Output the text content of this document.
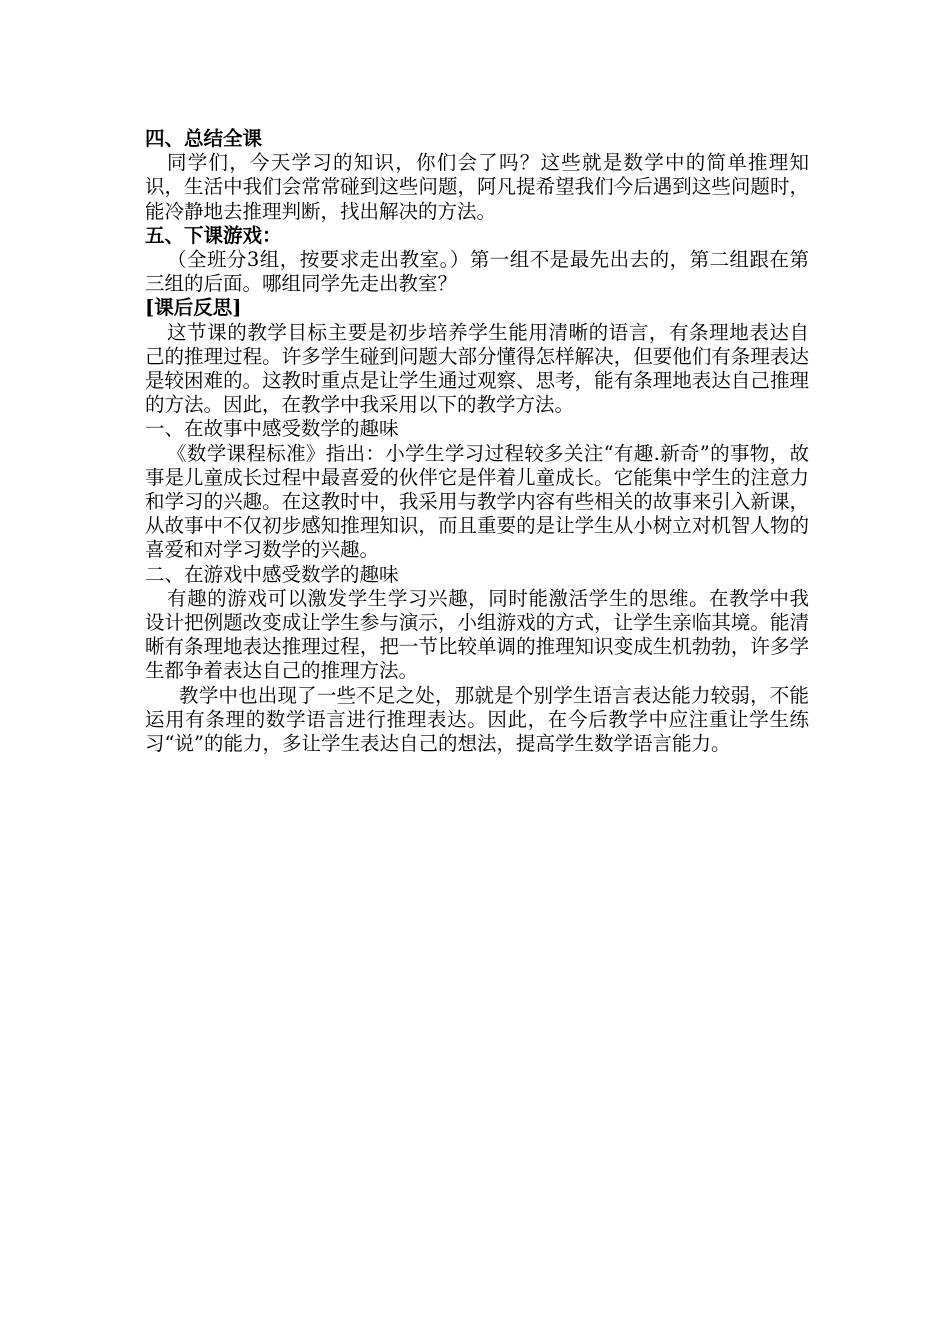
四、总结全课

同学们，今天学习的知识，你们会了吗？这些就是数学中的简单推理知识，生活中我们会常常碰到这些问题，阿凡提希望我们今后遇到这些问题时，能冷静地去推理判断，找出解决的方法。

五、下课游戏：

（全班分3组，按要求走出教室。）第一组不是最先出去的，第二组跟在第三组的后面。哪组同学先走出教室？

[课后反思]

这节课的教学目标主要是初步培养学生能用清晰的语言，有条理地表达自己的推理过程。许多学生碰到问题大部分懂得怎样解决，但要他们有条理表达是较困难的。这教时重点是让学生通过观察、思考，能有条理地表达自己推理的方法。因此，在教学中我采用以下的教学方法。

一、在故事中感受数学的趣味

《数学课程标准》指出：小学生学习过程较多关注“有趣.新奇”的事物，故事是儿童成长过程中最喜爱的伙伴它是伴着儿童成长。它能集中学生的注意力和学习的兴趣。在这教时中，我采用与教学内容有些相关的故事来引入新课，从故事中不仅初步感知推理知识，而且重要的是让学生从小树立对机智人物的喜爱和对学习数学的兴趣。

二、在游戏中感受数学的趣味

有趣的游戏可以激发学生学习兴趣，同时能激活学生的思维。在教学中我设计把例题改变成让学生参与演示，小组游戏的方式，让学生亲临其境。能清晰有条理地表达推理过程，把一节比较单调的推理知识变成生机勃勃，许多学生都争着表达自己的推理方法。

教学中也出现了一些不足之处，那就是个别学生语言表达能力较弱，不能运用有条理的数学语言进行推理表达。因此，在今后教学中应注重让学生练习“说”的能力，多让学生表达自己的想法，提高学生数学语言能力。
